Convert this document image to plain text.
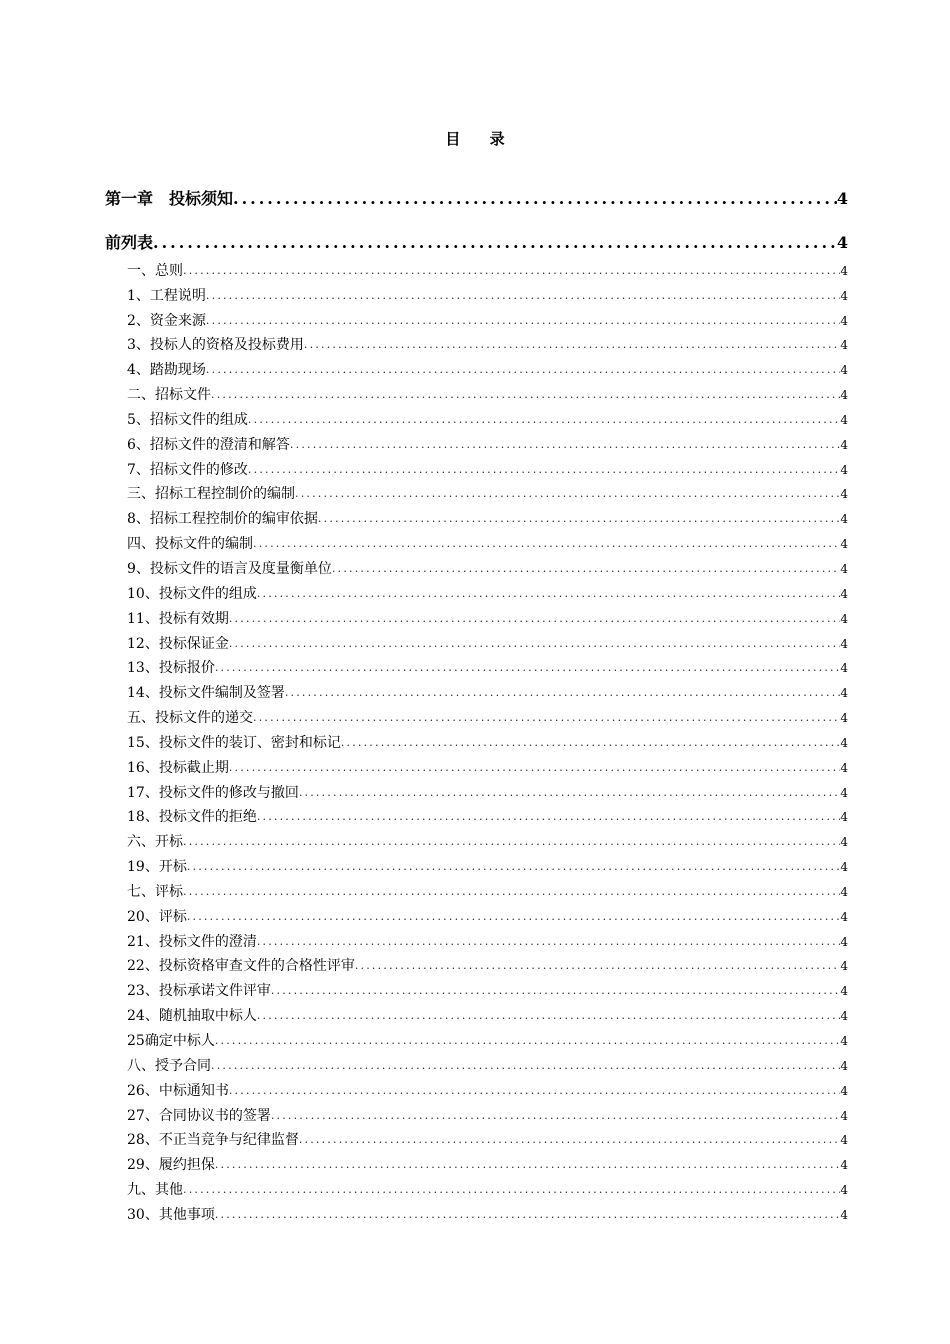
目 录
第一章　投标须知 .....	4
前列表 .....	4
一、总则 .....	4
1、工程说明 .....	4
2、资金来源 .....	4
3、投标人的资格及投标费用 .....	4
4、踏勘现场 .....	4
二、招标文件 .....	4
5、招标文件的组成 .....	4
6、招标文件的澄清和解答 .....	4
7、招标文件的修改 .....	4
三、招标工程控制价的编制 .....	4
8、招标工程控制价的编审依据 .....	4
四、投标文件的编制 .....	4
9、投标文件的语言及度量衡单位 .....	4
10、投标文件的组成 .....	4
11、投标有效期 .....	4
12、投标保证金 .....	4
13、投标报价 .....	4
14、投标文件编制及签署 .....	4
五、投标文件的递交 .....	4
15、投标文件的装订、密封和标记 .....	4
16、投标截止期 .....	4
17、投标文件的修改与撤回 .....	4
18、投标文件的拒绝 .....	4
六、开标 .....	4
19、开标 .....	4
七、评标 .....	4
20、评标 .....	4
21、投标文件的澄清 .....	4
22、投标资格审查文件的合格性评审 .....	4
23、投标承诺文件评审 .....	4
24、随机抽取中标人 .....	4
25确定中标人 .....	4
八、授予合同 .....	4
26、中标通知书 .....	4
27、合同协议书的签署 .....	4
28、不正当竞争与纪律监督 .....	4
29、履约担保 .....	4
九、其他 .....	4
30、其他事项 .....	4
